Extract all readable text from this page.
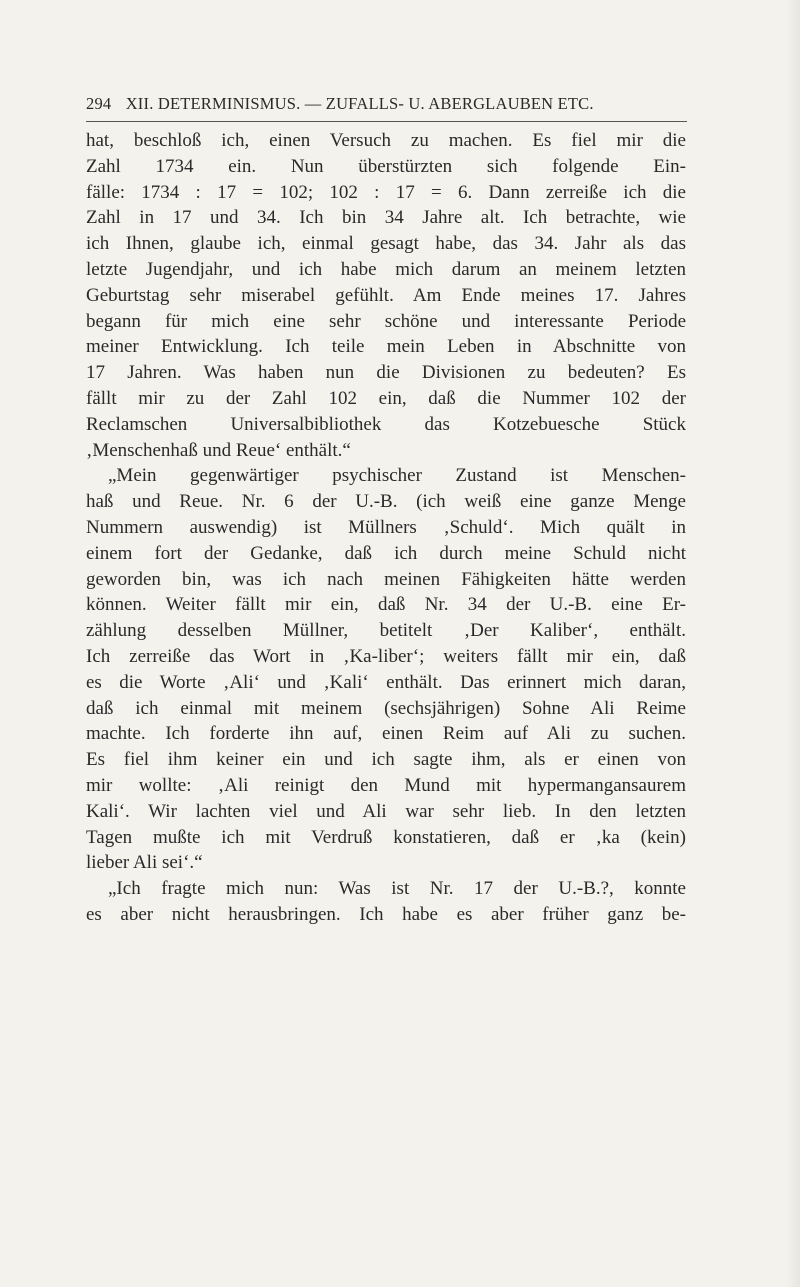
294 XII. DETERMINISMUS. — ZUFALLS- U. ABERGLAUBEN ETC.
hat, beschloß ich, einen Versuch zu machen. Es fiel mir die
Zahl 1734 ein. Nun überstürzten sich folgende Ein-
fälle: 1734 : 17 = 102; 102 : 17 = 6. Dann zerreiße ich die
Zahl in 17 und 34. Ich bin 34 Jahre alt. Ich betrachte, wie
ich Ihnen, glaube ich, einmal gesagt habe, das 34. Jahr als das
letzte Jugendjahr, und ich habe mich darum an meinem letzten
Geburtstag sehr miserabel gefühlt. Am Ende meines 17. Jahres
begann für mich eine sehr schöne und interessante Periode
meiner Entwicklung. Ich teile mein Leben in Abschnitte von
17 Jahren. Was haben nun die Divisionen zu bedeuten? Es
fällt mir zu der Zahl 102 ein, daß die Nummer 102 der
Reclamschen Universalbibliothek das Kotzebuesche Stück
‚Menschenhaß und Reue‘ enthält.“
„Mein gegenwärtiger psychischer Zustand ist Menschen-
haß und Reue. Nr. 6 der U.-B. (ich weiß eine ganze Menge
Nummern auswendig) ist Müllners ‚Schuld‘. Mich quält in
einem fort der Gedanke, daß ich durch meine Schuld nicht
geworden bin, was ich nach meinen Fähigkeiten hätte werden
können. Weiter fällt mir ein, daß Nr. 34 der U.-B. eine Er-
zählung desselben Müllner, betitelt ‚Der Kaliber‘, enthält.
Ich zerreiße das Wort in ‚Ka-liber‘; weiters fällt mir ein, daß
es die Worte ‚Ali‘ und ‚Kali‘ enthält. Das erinnert mich daran,
daß ich einmal mit meinem (sechsjährigen) Sohne Ali Reime
machte. Ich forderte ihn auf, einen Reim auf Ali zu suchen.
Es fiel ihm keiner ein und ich sagte ihm, als er einen von
mir wollte: ‚Ali reinigt den Mund mit hypermangansaurem
Kali‘. Wir lachten viel und Ali war sehr lieb. In den letzten
Tagen mußte ich mit Verdruß konstatieren, daß er ‚ka (kein)
lieber Ali sei‘.“
„Ich fragte mich nun: Was ist Nr. 17 der U.-B.?, konnte
es aber nicht herausbringen. Ich habe es aber früher ganz be-
